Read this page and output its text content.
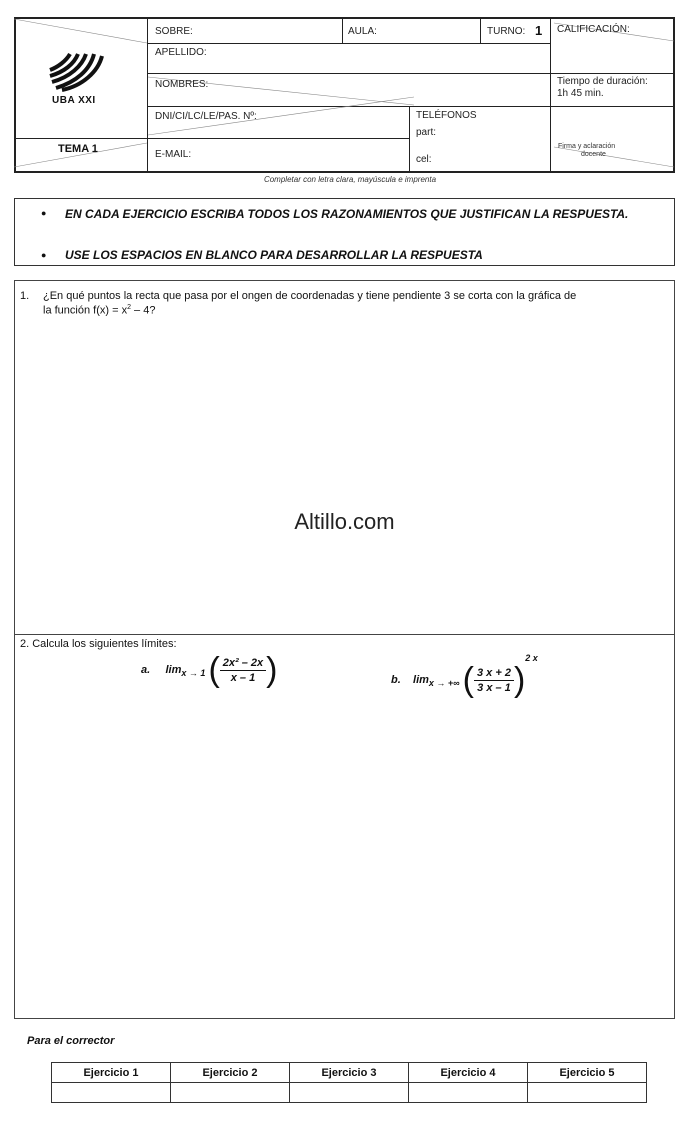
UBA XXI
SOBRE:	AULA:	TURNO: 1 CALIFICACIÓN:
APELLIDO:
NOMBRES:	Tiempo de duración:
1h 45 min.
DNI/CI/LC/LE/PAS. Nº:	TELÉFONOS
part:
TEMA 1	E-MAIL:	cel:
Firma y aclaración
docente
Completar con letra clara, mayúscula e imprenta
● EN CADA EJERCICIO ESCRIBA TODOS LOS RAZONAMIENTOS QUE JUSTIFICAN LA RESPUESTA.
● USE LOS ESPACIOS EN BLANCO PARA DESARROLLAR LA RESPUESTA
1. ¿En qué puntos la recta que pasa por el ongen de coordenadas y tiene pendiente 3 se corta con la gráfica de
la función $f(x) = x^2 - 4$?
Altillo.com
2. Calcula los siguientes límites:
a. $\lim_{x \to 1}$ ( $\frac{\text{2x² – 2x}}{x - 1}$ )	b. $\lim_{x \to +\infty}$ ( $\frac{3 x + 2}{3 x - 1} )^{2 x}$
Para el corrector
Ejercicio 1	Ejercicio 2	Ejercicio 3	Ejercicio 4	Ejercicio 5
